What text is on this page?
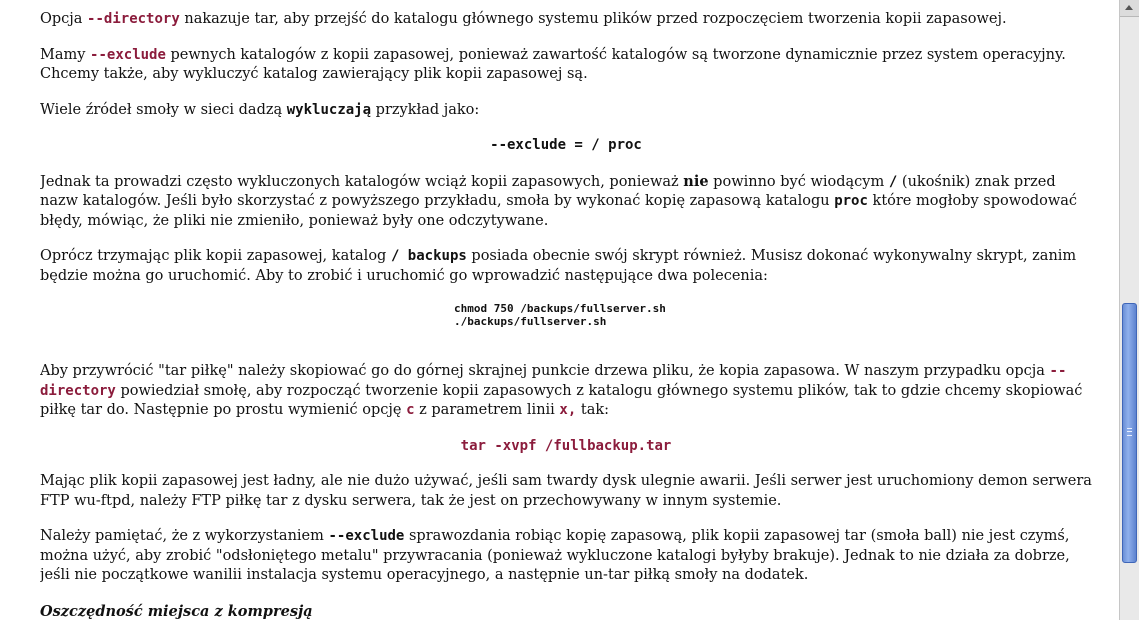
Opcja --directory nakazuje tar, aby przejść do katalogu głównego systemu plików przed rozpoczęciem tworzenia kopii zapasowej.

Mamy --exclude pewnych katalogów z kopii zapasowej, ponieważ zawartość katalogów są tworzone dynamicznie przez system operacyjny. Chcemy także, aby wykluczyć katalog zawierający plik kopii zapasowej są.

Wiele źródeł smoły w sieci dadzą wykluczają przykład jako:

--exclude = / proc

Jednak ta prowadzi często wykluczonych katalogów wciąż kopii zapasowych, ponieważ nie powinno być wiodącym / (ukośnik) znak przed nazw katalogów. Jeśli było skorzystać z powyższego przykładu, smoła by wykonać kopię zapasową katalogu proc które mogłoby spowodować błędy, mówiąc, że pliki nie zmieniło, ponieważ były one odczytywane.

Oprócz trzymając plik kopii zapasowej, katalog / backups posiada obecnie swój skrypt również. Musisz dokonać wykonywalny skrypt, zanim będzie można go uruchomić. Aby to zrobić i uruchomić go wprowadzić następujące dwa polecenia:

chmod 750 /backups/fullserver.sh
./backups/fullserver.sh

Aby przywrócić "tar piłkę" należy skopiować go do górnej skrajnej punkcie drzewa pliku, że kopia zapasowa. W naszym przypadku opcja --directory powiedział smołę, aby rozpocząć tworzenie kopii zapasowych z katalogu głównego systemu plików, tak to gdzie chcemy skopiować piłkę tar do. Następnie po prostu wymienić opcję c z parametrem linii x, tak:

tar -xvpf /fullbackup.tar

Mając plik kopii zapasowej jest ładny, ale nie dużo używać, jeśli sam twardy dysk ulegnie awarii. Jeśli serwer jest uruchomiony demon serwera FTP wu-ftpd, należy FTP piłkę tar z dysku serwera, tak że jest on przechowywany w innym systemie.

Należy pamiętać, że z wykorzystaniem --exclude sprawozdania robiąc kopię zapasową, plik kopii zapasowej tar (smoła ball) nie jest czymś, można użyć, aby zrobić "odsłoniętego metalu" przywracania (ponieważ wykluczone katalogi byłyby brakuje). Jednak to nie działa za dobrze, jeśli nie początkowe wanilii instalacja systemu operacyjnego, a następnie un-tar piłką smoły na dodatek.

Oszczędność miejsca z kompresją
